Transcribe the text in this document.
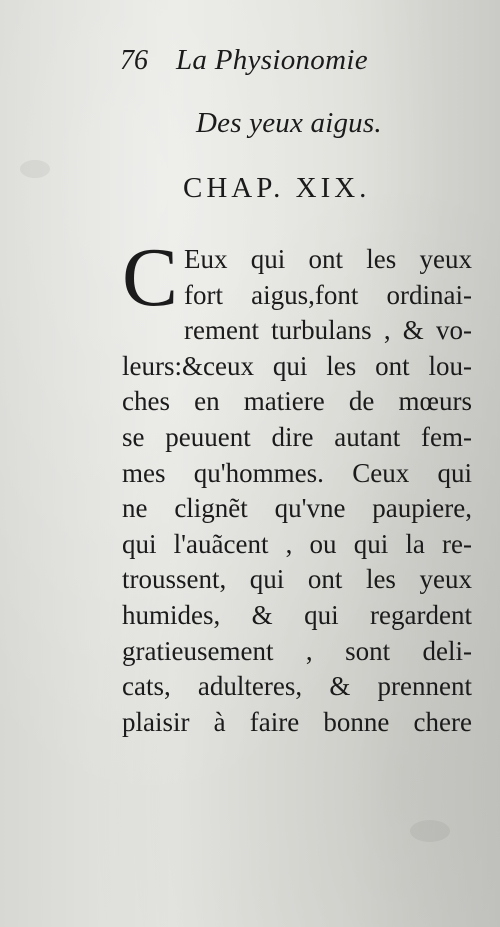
76 La Physionomie
Des yeux aigus.
CHAP. XIX.
C Eux qui ont les yeux
fort aigus,font ordinai-
rement turbulans , & vo-
leurs:&ceux qui les ont lou-
ches en matiere de mœurs
se peuuent dire autant fem-
mes qu'hommes. Ceux qui
ne clignẽt qu'vne paupiere,
qui l'auãcent , ou qui la re-
troussent, qui ont les yeux
humides, & qui regardent
gratieusement , sont deli-
cats, adulteres, & prennent
plaisir à faire bonne chere
